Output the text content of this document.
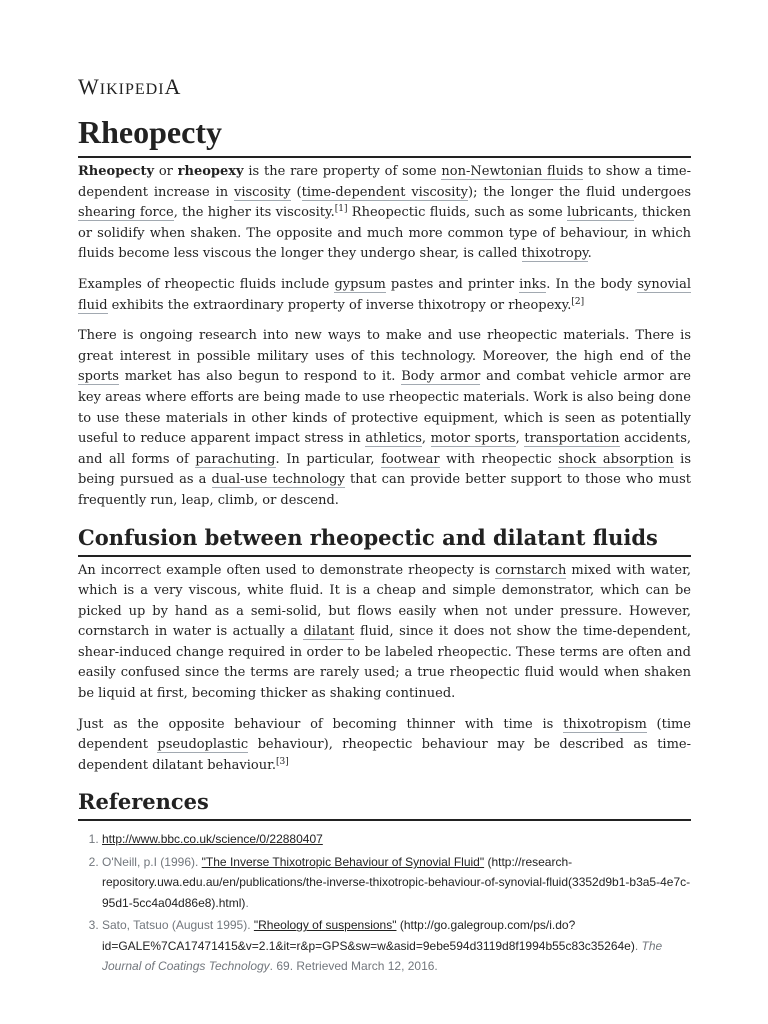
WIKIPEDIA
Rheopecty

Rheopecty or rheopexy is the rare property of some non-Newtonian fluids to show a time-dependent increase in viscosity (time-dependent viscosity); the longer the fluid undergoes shearing force, the higher its viscosity.[1] Rheopectic fluids, such as some lubricants, thicken or solidify when shaken. The opposite and much more common type of behaviour, in which fluids become less viscous the longer they undergo shear, is called thixotropy.

Examples of rheopectic fluids include gypsum pastes and printer inks. In the body synovial fluid exhibits the extraordinary property of inverse thixotropy or rheopexy.[2]

There is ongoing research into new ways to make and use rheopectic materials. There is great interest in possible military uses of this technology. Moreover, the high end of the sports market has also begun to respond to it. Body armor and combat vehicle armor are key areas where efforts are being made to use rheopectic materials. Work is also being done to use these materials in other kinds of protective equipment, which is seen as potentially useful to reduce apparent impact stress in athletics, motor sports, transportation accidents, and all forms of parachuting. In particular, footwear with rheopectic shock absorption is being pursued as a dual-use technology that can provide better support to those who must frequently run, leap, climb, or descend.

Confusion between rheopectic and dilatant fluids

An incorrect example often used to demonstrate rheopecty is cornstarch mixed with water, which is a very viscous, white fluid. It is a cheap and simple demonstrator, which can be picked up by hand as a semi-solid, but flows easily when not under pressure. However, cornstarch in water is actually a dilatant fluid, since it does not show the time-dependent, shear-induced change required in order to be labeled rheopectic. These terms are often and easily confused since the terms are rarely used; a true rheopectic fluid would when shaken be liquid at first, becoming thicker as shaking continued.

Just as the opposite behaviour of becoming thinner with time is thixotropism (time dependent pseudoplastic behaviour), rheopectic behaviour may be described as time-dependent dilatant behaviour.[3]

References
1. http://www.bbc.co.uk/science/0/22880407
2. O'Neill, p.I (1996). "The Inverse Thixotropic Behaviour of Synovial Fluid" (http://research-repository.uwa.edu.au/en/publications/the-inverse-thixotropic-behaviour-of-synovial-fluid(3352d9b1-b3a5-4e7c-95d1-5cc4a04d86e8).html).
3. Sato, Tatsuo (August 1995). "Rheology of suspensions" (http://go.galegroup.com/ps/i.do?id=GALE%7CA17471415&v=2.1&it=r&p=GPS&sw=w&asid=9ebe594d3119d8f1994b55c83c35264e). The Journal of Coatings Technology. 69. Retrieved March 12, 2016.
